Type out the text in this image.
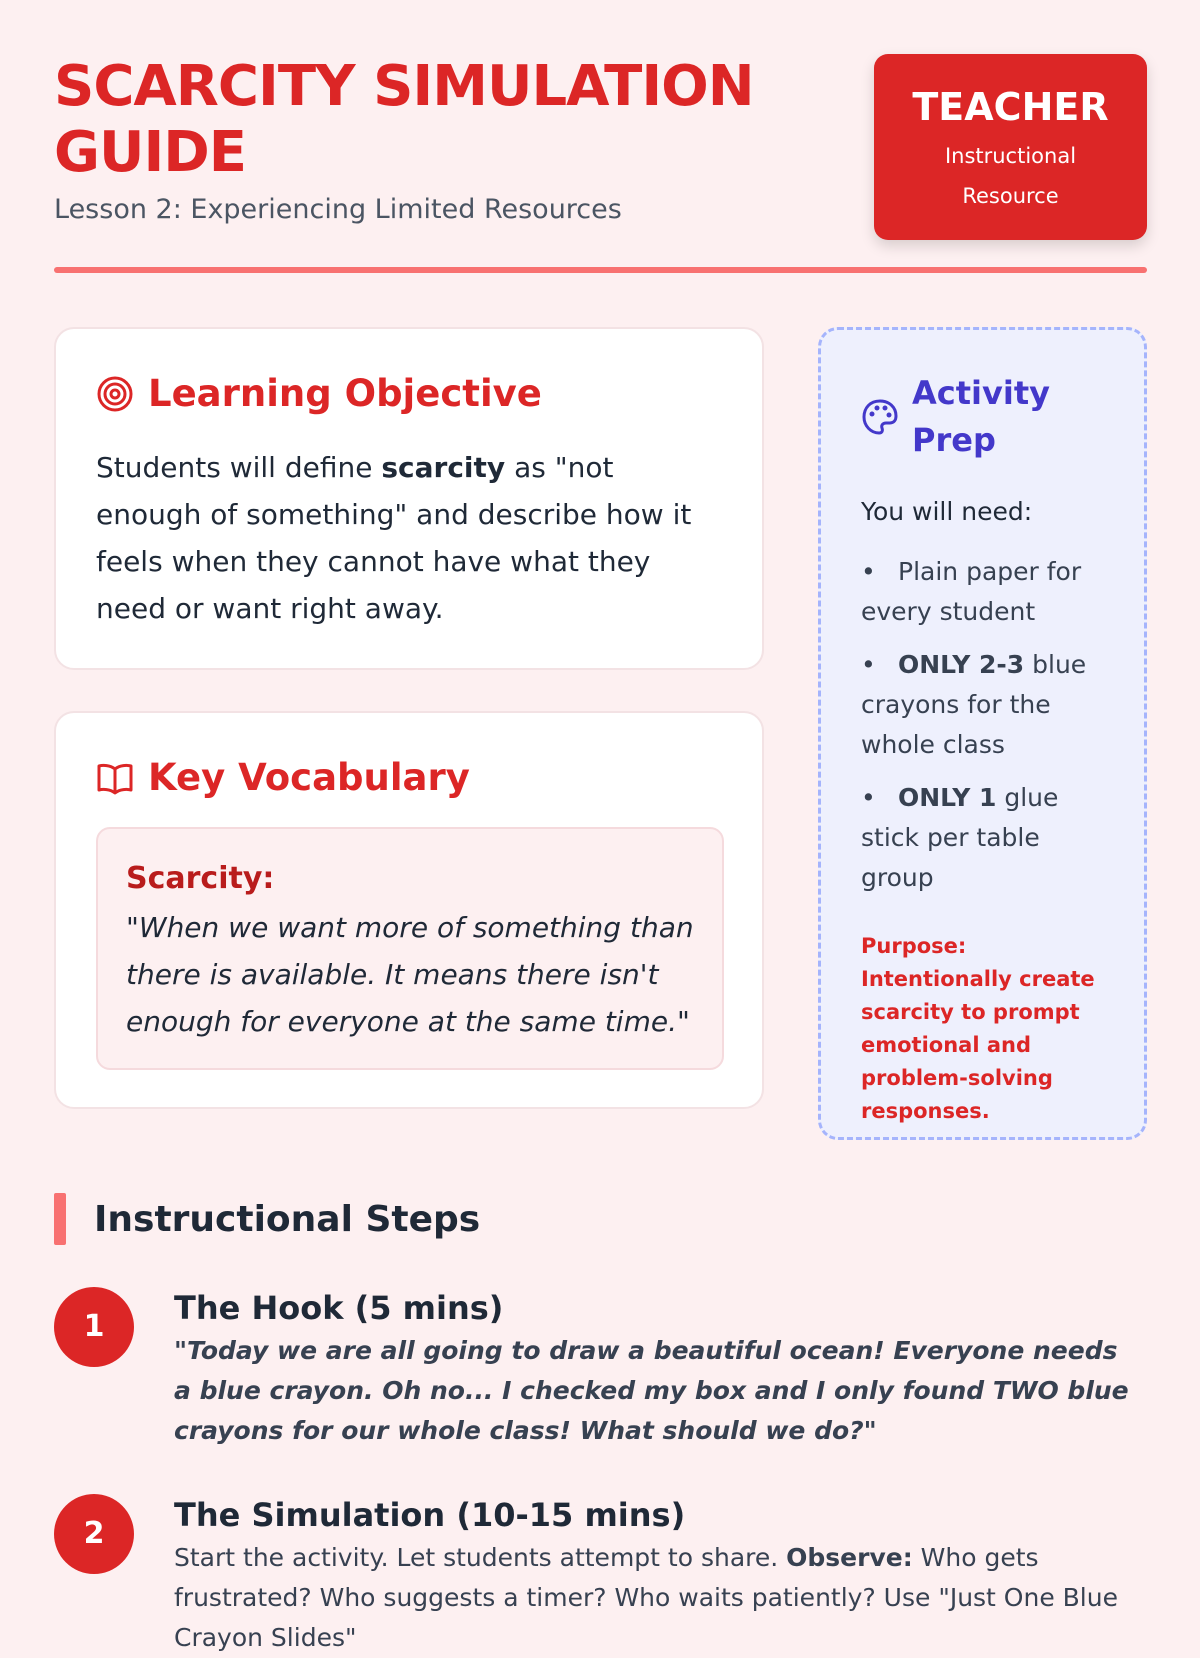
SCARCITY SIMULATION GUIDE
Lesson 2: Experiencing Limited Resources
TEACHER
Instructional Resource
Learning Objective

Students will define scarcity as "not enough of something" and describe how it feels when they cannot have what they need or want right away.

Key Vocabulary
Scarcity:
"When we want more of something than there is available. It means there isn't enough for everyone at the same time."
Activity Prep
You will need:
• Plain paper for every student
• ONLY 2-3 blue crayons for the whole class
• ONLY 1 glue stick per table group
Purpose: Intentionally create scarcity to prompt emotional and problem-solving responses.
Instructional Steps
1	The Hook (5 mins)
"Today we are all going to draw a beautiful ocean! Everyone needs a blue crayon. Oh no... I checked my box and I only found TWO blue crayons for our whole class! What should we do?"
2	The Simulation (10-15 mins)
Start the activity. Let students attempt to share. Observe: Who gets frustrated? Who suggests a timer? Who waits patiently? Use "Just One Blue Crayon Slides"
